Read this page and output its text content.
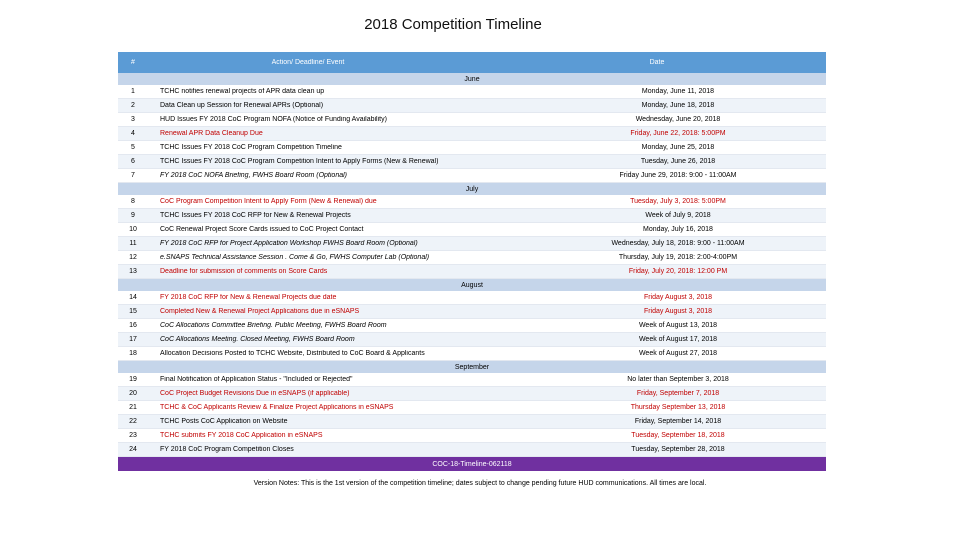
2018 Competition Timeline
#	Action/ Deadline/ Event	Date
June
1	TCHC notifies renewal projects of APR data clean up	Monday, June 11, 2018
2	Data Clean up Session for Renewal APRs (Optional)	Monday, June 18, 2018
3	HUD Issues FY 2018 CoC Program NOFA (Notice of Funding Availability)	Wednesday, June 20, 2018
4	Renewal APR Data Cleanup Due	Friday, June 22, 2018: 5:00PM
5	TCHC Issues FY 2018 CoC Program Competition Timeline	Monday, June 25, 2018
6	TCHC Issues FY 2018 CoC Program Competition Intent to Apply Forms (New & Renewal)	Tuesday, June 26, 2018
7	FY 2018 CoC NOFA Briefing, FWHS Board Room (Optional)	Friday June 29, 2018: 9:00 - 11:00AM
July
8	CoC Program Competition Intent to Apply Form (New & Renewal) due	Tuesday, July 3, 2018: 5:00PM
9	TCHC Issues FY 2018 CoC RFP for New & Renewal Projects	Week of July 9, 2018
10	CoC Renewal Project Score Cards issued to CoC Project Contact	Monday, July 16, 2018
11	FY 2018 CoC RFP for Project Application Workshop FWHS Board Room (Optional)	Wednesday, July 18, 2018: 9:00 - 11:00AM
12	e.SNAPS Technical Assistance Session . Come & Go, FWHS Computer Lab (Optional)	Thursday, July 19, 2018: 2:00-4:00PM
13	Deadline for submission of comments on Score Cards	Friday, July 20, 2018: 12:00 PM
August
14	FY 2018 CoC RFP for New & Renewal Projects due date	Friday August 3, 2018
15	Completed New & Renewal Project Applications due in eSNAPS	Friday August 3, 2018
16	CoC Allocations Committee Briefing. Public Meeting, FWHS Board Room	Week of August 13, 2018
17	CoC Allocations Meeting. Closed Meeting, FWHS Board Room	Week of August 17, 2018
18	Allocation Decisions Posted to TCHC Website, Distributed to CoC Board & Applicants	Week of August 27, 2018
September
19	Final Notification of Application Status - "Included or Rejected"	No later than September 3, 2018
20	CoC Project Budget Revisions Due in eSNAPS (if applicable)	Friday, September 7, 2018
21	TCHC & CoC Applicants Review & Finalize Project Applications in eSNAPS	Thursday September 13, 2018
22	TCHC Posts CoC Application on Website	Friday, September 14, 2018
23	TCHC submits FY 2018 CoC Application in eSNAPS	Tuesday, September 18, 2018
24	FY 2018 CoC Program Competition Closes	Tuesday, September 28, 2018
COC-18-Timeline-062118
Version Notes: This is the 1st version of the competition timeline; dates subject to change pending future HUD communications. All times are local.
